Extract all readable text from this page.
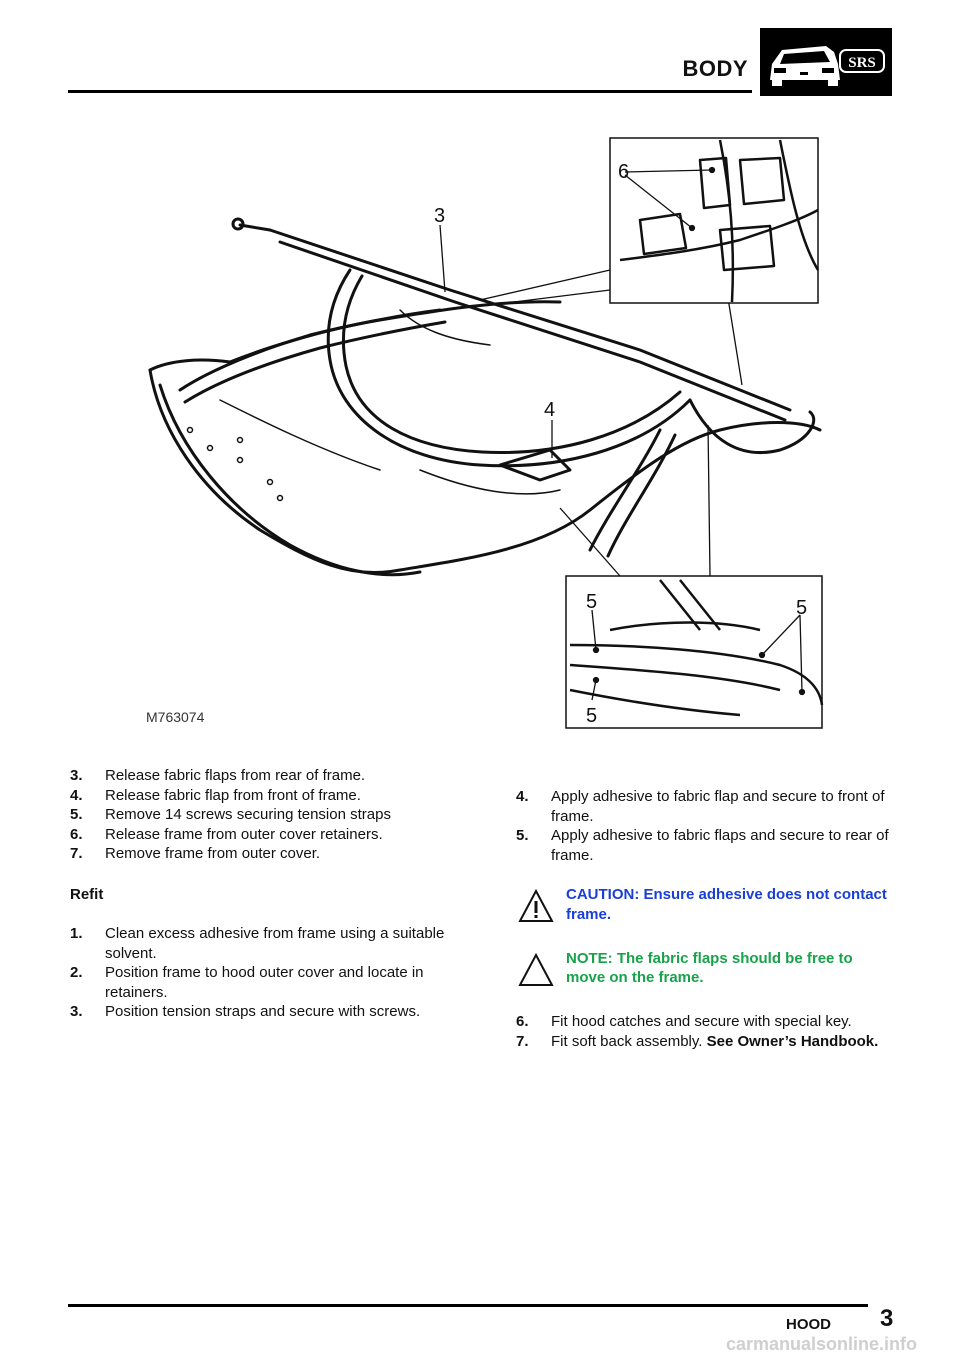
BODY	SRS
3
4
6
5	5
5
M763074
3.	Release fabric flaps from rear of frame.
4.	Release fabric flap from front of frame.
5.	Remove 14 screws securing tension straps
6.	Release frame from outer cover retainers.
7.	Remove frame from outer cover.
Refit
1.	Clean excess adhesive from frame using a suitable solvent.
2.	Position frame to hood outer cover and locate in retainers.
3.	Position tension straps and secure with screws.
4.	Apply adhesive to fabric flap and secure to front of frame.
5.	Apply adhesive to fabric flaps and secure to rear of frame.
CAUTION: Ensure adhesive does not contact frame.
NOTE: The fabric flaps should be free to move on the frame.
6.	Fit hood catches and secure with special key.
7.	Fit soft back assembly. See Owner’s Handbook.
HOOD 3
carmanualsonline.info
